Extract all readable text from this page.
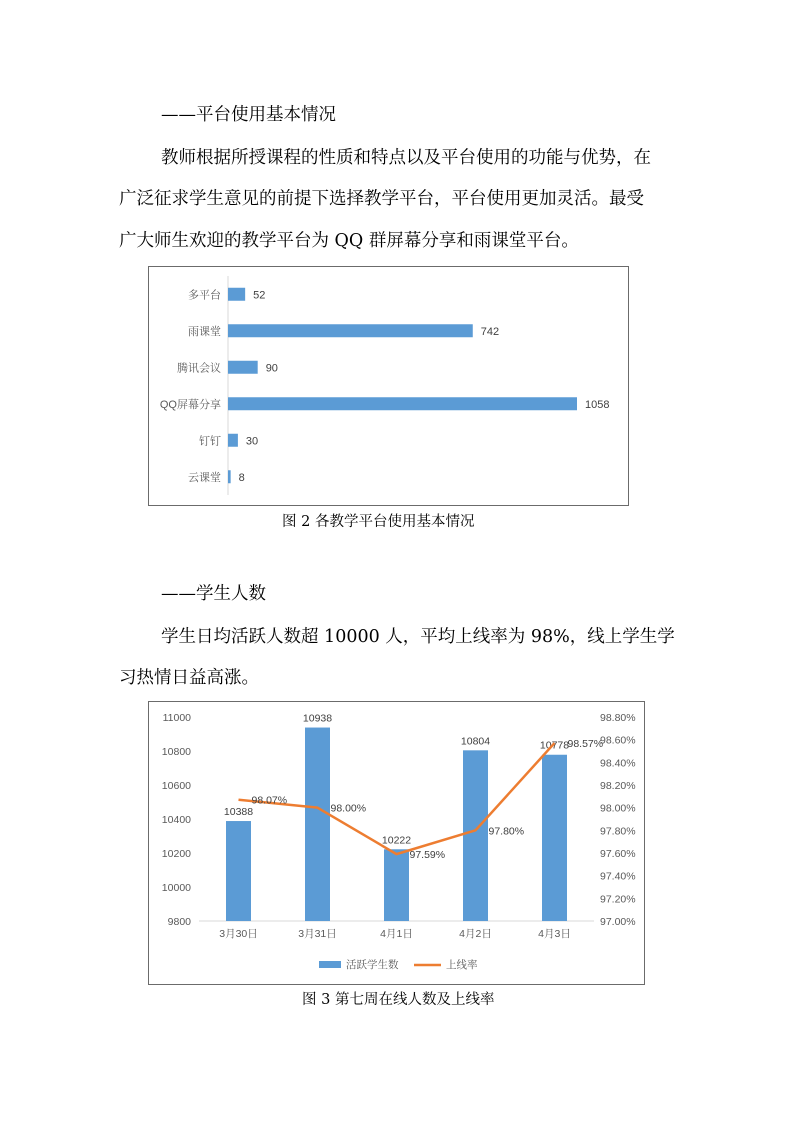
——平台使用基本情况
教师根据所授课程的性质和特点以及平台使用的功能与优势，在
广泛征求学生意见的前提下选择教学平台，平台使用更加灵活。最受
广大师生欢迎的教学平台为 QQ 群屏幕分享和雨课堂平台。
多平台	52
雨课堂	742
腾讯会议	90
QQ屏幕分享	1058
钉钉 30
云课堂 8
图 2 各教学平台使用基本情况
——学生人数
学生日均活跃人数超 10000 人，平均上线率为 98%，线上学生学
习热情日益高涨。
9800
10000
10200
10400
10600
10800
11000
97.00%
97.20%
97.40%
97.60%
97.80%
98.00%
98.20%
98.40%
98.60%
98.80%
10388
3月30日
10938
3月31日
10222
4月1日
10804
4月2日
10778
4月3日
98.07%
98.00%
97.59%
97.80%
98.57%
活跃学生数	上线率
图 3 第七周在线人数及上线率
